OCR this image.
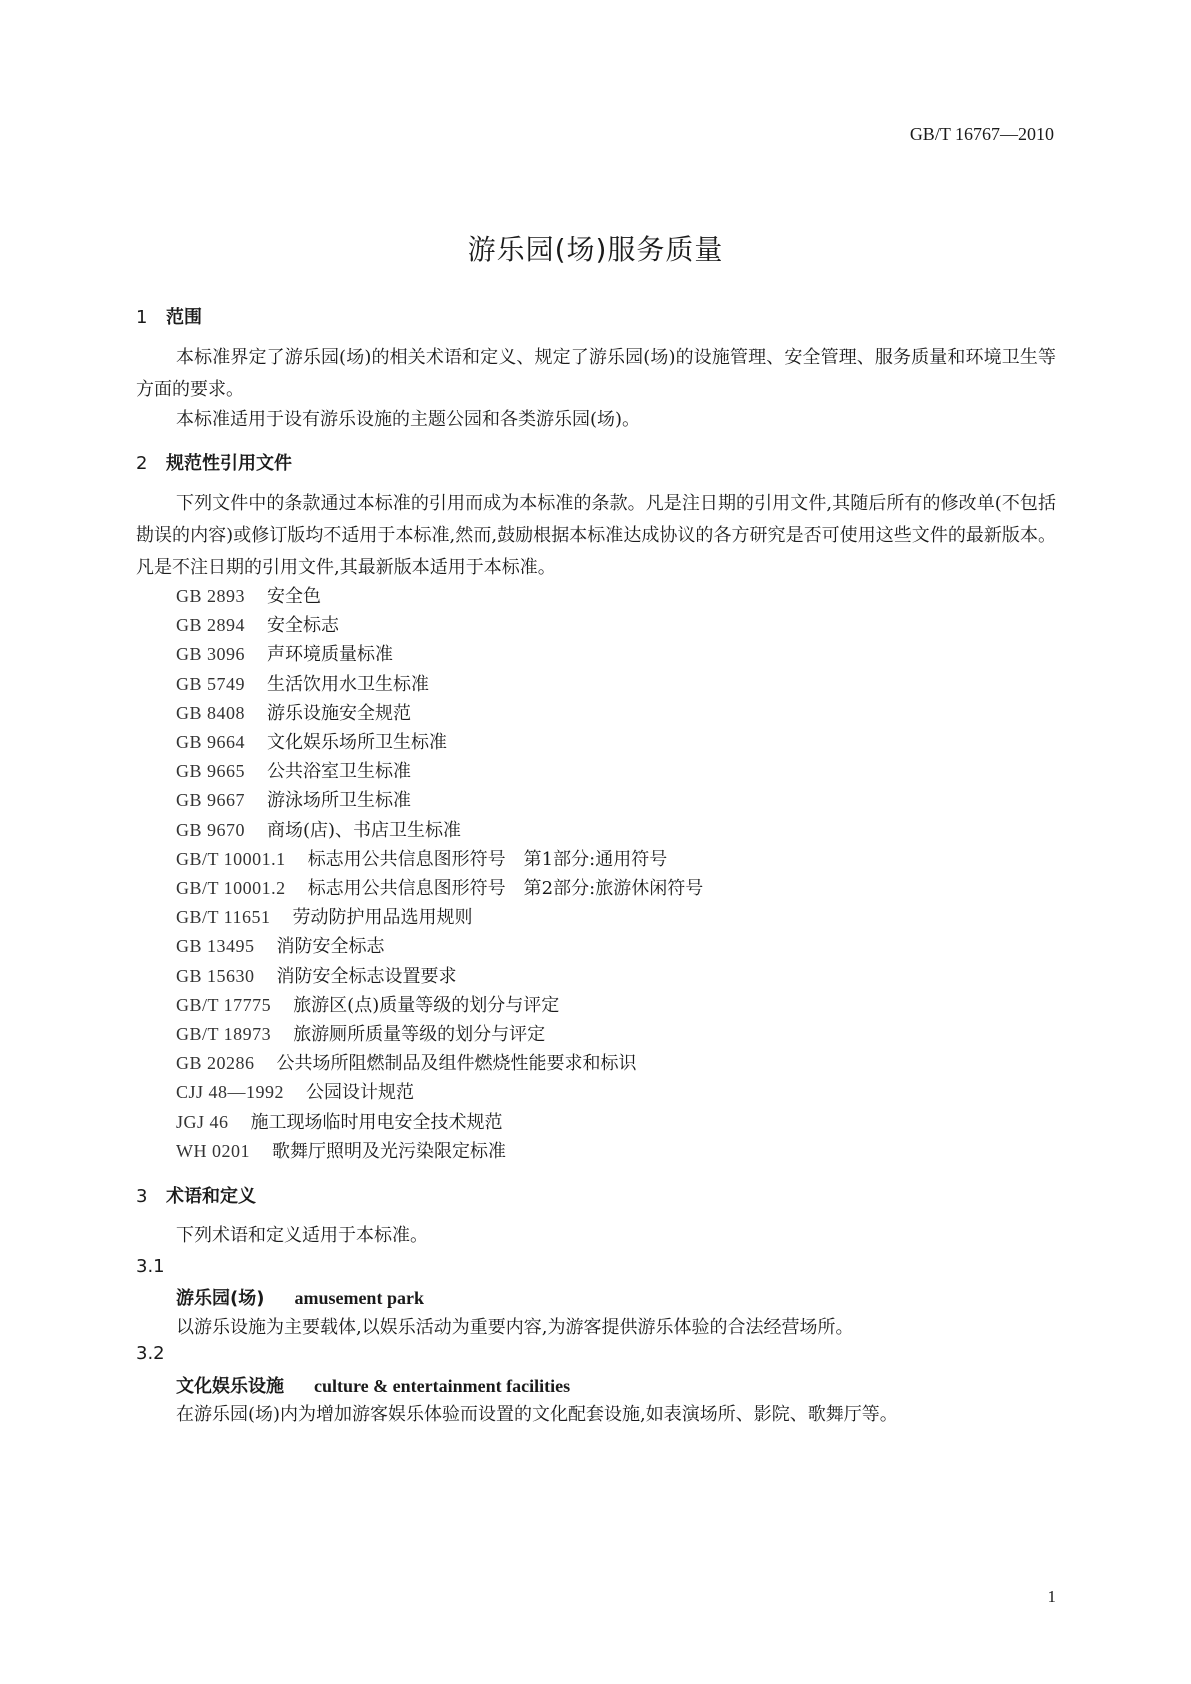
GB/T 16767—2010
游乐园(场)服务质量
1 范围
本标准界定了游乐园(场)的相关术语和定义、规定了游乐园(场)的设施管理、安全管理、服务质量和环境卫生等方面的要求。
本标准适用于设有游乐设施的主题公园和各类游乐园(场)。
2 规范性引用文件
下列文件中的条款通过本标准的引用而成为本标准的条款。凡是注日期的引用文件,其随后所有的修改单(不包括勘误的内容)或修订版均不适用于本标准,然而,鼓励根据本标准达成协议的各方研究是否可使用这些文件的最新版本。凡是不注日期的引用文件,其最新版本适用于本标准。
GB 2893 安全色
GB 2894 安全标志
GB 3096 声环境质量标准
GB 5749 生活饮用水卫生标准
GB 8408 游乐设施安全规范
GB 9664 文化娱乐场所卫生标准
GB 9665 公共浴室卫生标准
GB 9667 游泳场所卫生标准
GB 9670 商场(店)、书店卫生标准
GB/T 10001.1 标志用公共信息图形符号　第1部分:通用符号
GB/T 10001.2 标志用公共信息图形符号　第2部分:旅游休闲符号
GB/T 11651 劳动防护用品选用规则
GB 13495 消防安全标志
GB 15630 消防安全标志设置要求
GB/T 17775 旅游区(点)质量等级的划分与评定
GB/T 18973 旅游厕所质量等级的划分与评定
GB 20286 公共场所阻燃制品及组件燃烧性能要求和标识
CJJ 48—1992 公园设计规范
JGJ 46 施工现场临时用电安全技术规范
WH 0201 歌舞厅照明及光污染限定标准
3 术语和定义
下列术语和定义适用于本标准。
3.1
游乐园(场) amusement park
以游乐设施为主要载体,以娱乐活动为重要内容,为游客提供游乐体验的合法经营场所。
3.2
文化娱乐设施 culture & entertainment facilities
在游乐园(场)内为增加游客娱乐体验而设置的文化配套设施,如表演场所、影院、歌舞厅等。
1
